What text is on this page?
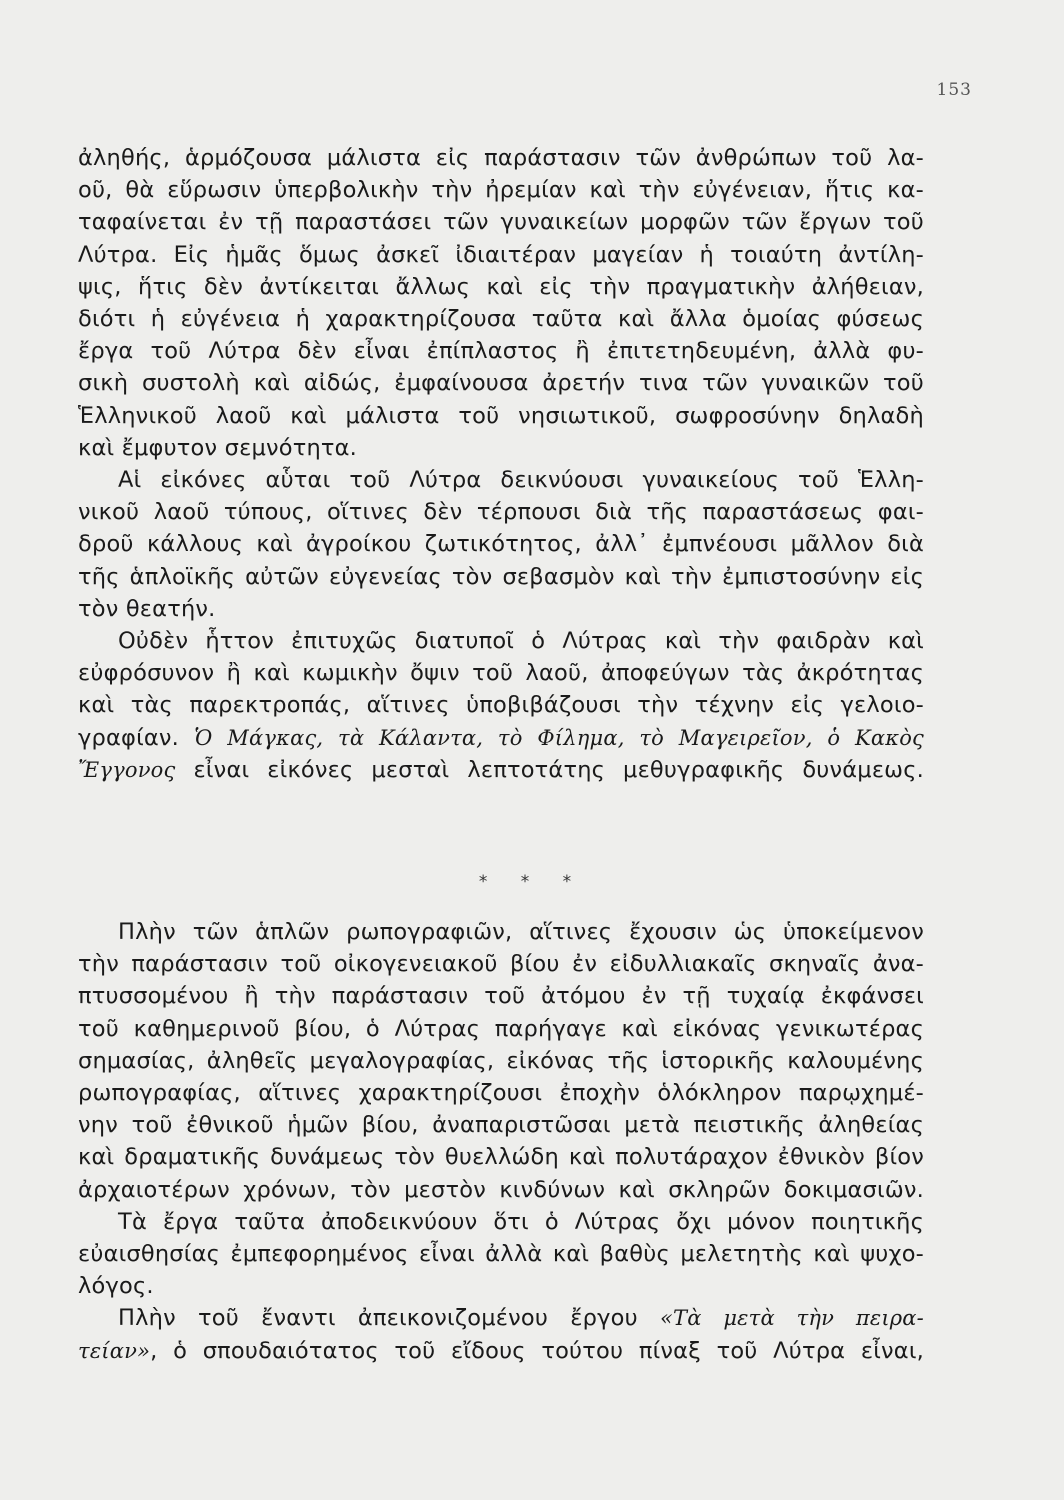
153
ἀληθής, ἁρμόζουσα μάλιστα εἰς παράστασιν τῶν ἀνθρώπων τοῦ λα-
οῦ, θὰ εὕρωσιν ὑπερβολικὴν τὴν ἠρεμίαν καὶ τὴν εὐγένειαν, ἥτις κα-
ταφαίνεται ἐν τῇ παραστάσει τῶν γυναικείων μορφῶν τῶν ἔργων τοῦ
Λύτρα. Εἰς ἡμᾶς ὅμως ἀσκεῖ ἰδιαιτέραν μαγείαν ἡ τοιαύτη ἀντίλη-
ψις, ἥτις δὲν ἀντίκειται ἄλλως καὶ εἰς τὴν πραγματικὴν ἀλήθειαν,
διότι ἡ εὐγένεια ἡ χαρακτηρίζουσα ταῦτα καὶ ἄλλα ὁμοίας φύσεως
ἔργα τοῦ Λύτρα δὲν εἶναι ἐπίπλαστος ἢ ἐπιτετηδευμένη, ἀλλὰ φυ-
σικὴ συστολὴ καὶ αἰδώς, ἐμφαίνουσα ἀρετήν τινα τῶν γυναικῶν τοῦ
Ἑλληνικοῦ λαοῦ καὶ μάλιστα τοῦ νησιωτικοῦ, σωφροσύνην δηλαδὴ
καὶ ἔμφυτον σεμνότητα.
Αἱ εἰκόνες αὗται τοῦ Λύτρα δεικνύουσι γυναικείους τοῦ Ἑλλη-
νικοῦ λαοῦ τύπους, οἵτινες δὲν τέρπουσι διὰ τῆς παραστάσεως φαι-
δροῦ κάλλους καὶ ἀγροίκου ζωτικότητος, ἀλλ᾿ ἐμπνέουσι μᾶλλον διὰ
τῆς ἁπλοϊκῆς αὐτῶν εὐγενείας τὸν σεβασμὸν καὶ τὴν ἐμπιστοσύνην εἰς
τὸν θεατήν.
Οὐδὲν ἧττον ἐπιτυχῶς διατυποῖ ὁ Λύτρας καὶ τὴν φαιδρὰν καὶ
εὐφρόσυνον ἢ καὶ κωμικὴν ὄψιν τοῦ λαοῦ, ἀποφεύγων τὰς ἀκρότητας
καὶ τὰς παρεκτροπάς, αἵτινες ὑποβιβάζουσι τὴν τέχνην εἰς γελοιο-
γραφίαν. Ὁ Μάγκας, τὰ Κάλαντα, τὸ Φίλημα, τὸ Μαγειρεῖον, ὁ Κακὸς
Ἔγγονος εἶναι εἰκόνες μεσταὶ λεπτοτάτης μεθυγραφικῆς δυνάμεως.
* * *
Πλὴν τῶν ἁπλῶν ρωπογραφιῶν, αἵτινες ἔχουσιν ὡς ὑποκείμενον
τὴν παράστασιν τοῦ οἰκογενειακοῦ βίου ἐν εἰδυλλιακαῖς σκηναῖς ἀνα-
πτυσσομένου ἢ τὴν παράστασιν τοῦ ἀτόμου ἐν τῇ τυχαίᾳ ἐκφάνσει
τοῦ καθημερινοῦ βίου, ὁ Λύτρας παρήγαγε καὶ εἰκόνας γενικωτέρας
σημασίας, ἀληθεῖς μεγαλογραφίας, εἰκόνας τῆς ἱστορικῆς καλουμένης
ρωπογραφίας, αἵτινες χαρακτηρίζουσι ἐποχὴν ὁλόκληρον παρῳχημέ-
νην τοῦ ἐθνικοῦ ἡμῶν βίου, ἀναπαριστῶσαι μετὰ πειστικῆς ἀληθείας
καὶ δραματικῆς δυνάμεως τὸν θυελλώδη καὶ πολυτάραχον ἐθνικὸν βίον
ἀρχαιοτέρων χρόνων, τὸν μεστὸν κινδύνων καὶ σκληρῶν δοκιμασιῶν.
Τὰ ἔργα ταῦτα ἀποδεικνύουν ὅτι ὁ Λύτρας ὄχι μόνον ποιητικῆς
εὐαισθησίας ἐμπεφορημένος εἶναι ἀλλὰ καὶ βαθὺς μελετητὴς καὶ ψυχο-
λόγος.
Πλὴν τοῦ ἔναντι ἀπεικονιζομένου ἔργου «Τὰ μετὰ τὴν πειρα-
τείαν», ὁ σπουδαιότατος τοῦ εἴδους τούτου πίναξ τοῦ Λύτρα εἶναι,
